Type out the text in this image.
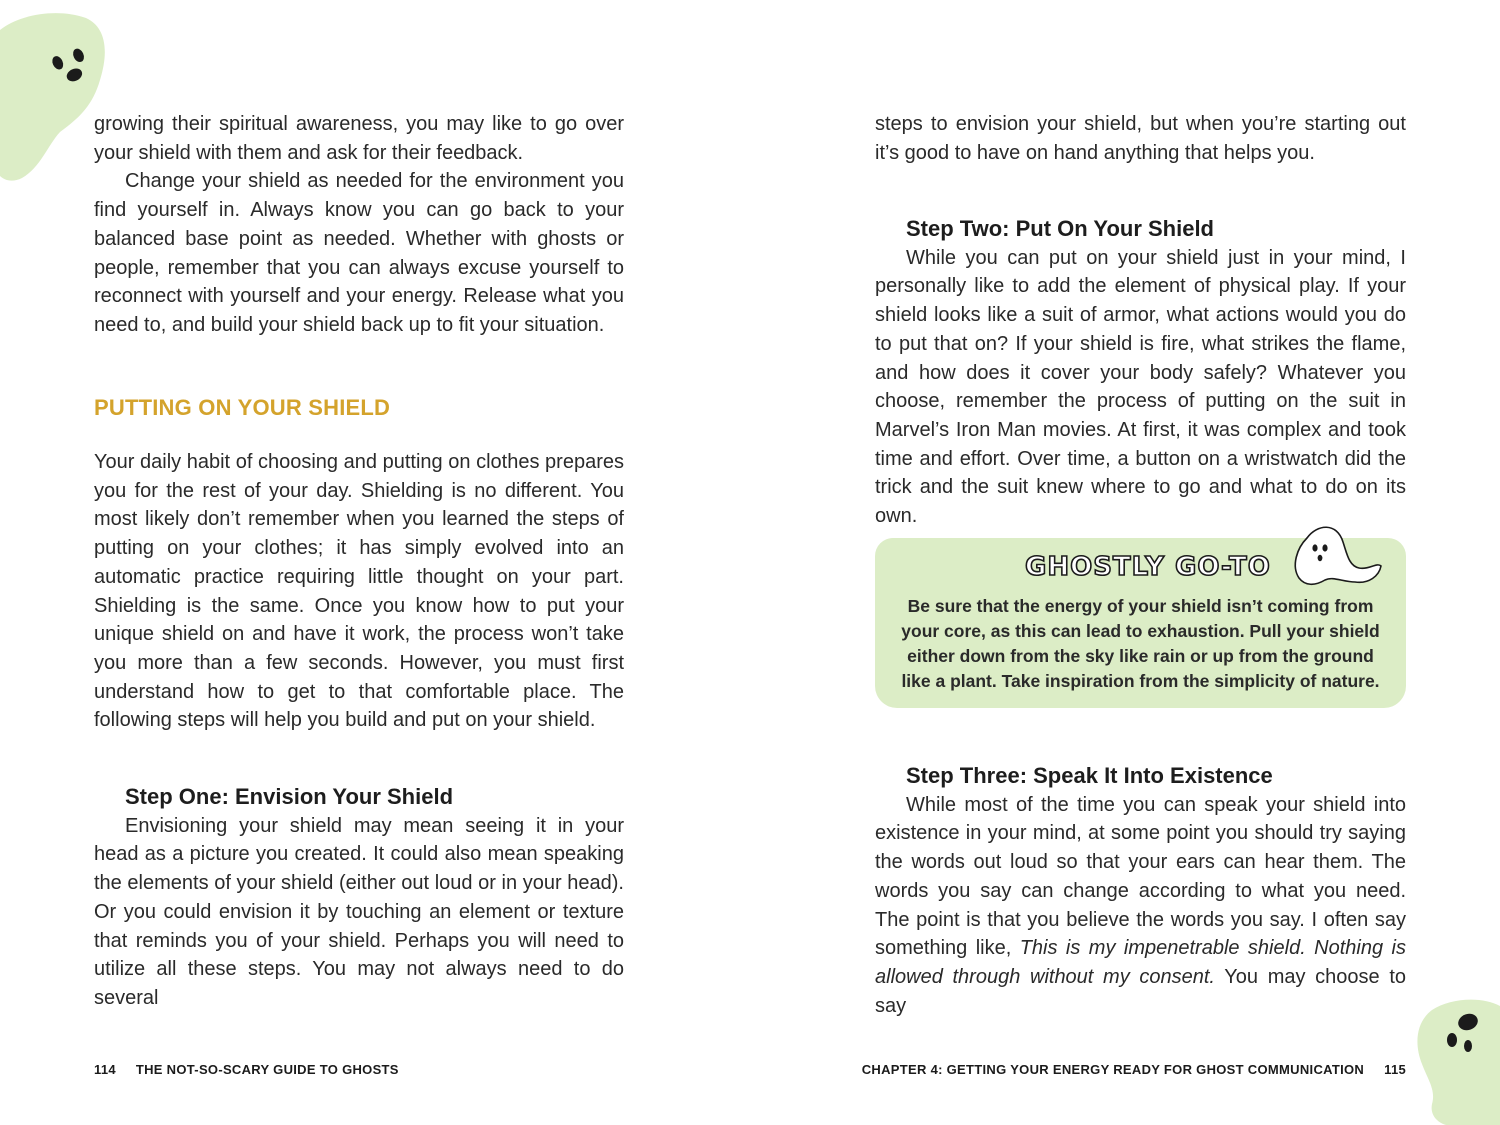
growing their spiritual awareness, you may like to go over your shield with them and ask for their feedback.

Change your shield as needed for the environment you find yourself in. Always know you can go back to your balanced base point as needed. Whether with ghosts or people, remember that you can always excuse yourself to reconnect with yourself and your energy. Release what you need to, and build your shield back up to fit your situation.

PUTTING ON YOUR SHIELD

Your daily habit of choosing and putting on clothes prepares you for the rest of your day. Shielding is no different. You most likely don’t remember when you learned the steps of putting on your clothes; it has simply evolved into an automatic practice requiring little thought on your part. Shielding is the same. Once you know how to put your unique shield on and have it work, the process won’t take you more than a few seconds. However, you must first understand how to get to that comfortable place. The following steps will help you build and put on your shield.

Step One: Envision Your Shield

Envisioning your shield may mean seeing it in your head as a picture you created. It could also mean speaking the elements of your shield (either out loud or in your head). Or you could envision it by touching an element or texture that reminds you of your shield. Perhaps you will need to utilize all these steps. You may not always need to do several

114 THE NOT-SO-SCARY GUIDE TO GHOSTS

steps to envision your shield, but when you’re starting out it’s good to have on hand anything that helps you.

Step Two: Put On Your Shield

While you can put on your shield just in your mind, I personally like to add the element of physical play. If your shield looks like a suit of armor, what actions would you do to put that on? If your shield is fire, what strikes the flame, and how does it cover your body safely? Whatever you choose, remember the process of putting on the suit in Marvel’s Iron Man movies. At first, it was complex and took time and effort. Over time, a button on a wristwatch did the trick and the suit knew where to go and what to do on its own.

GHOSTLY GO-TO
Be sure that the energy of your shield isn’t coming from your core, as this can lead to exhaustion. Pull your shield either down from the sky like rain or up from the ground like a plant. Take inspiration from the simplicity of nature.
Step Three: Speak It Into Existence

While most of the time you can speak your shield into existence in your mind, at some point you should try saying the words out loud so that your ears can hear them. The words you say can change according to what you need. The point is that you believe the words you say. I often say something like, This is my impenetrable shield. Nothing is allowed through without my consent. You may choose to say

CHAPTER 4: GETTING YOUR ENERGY READY FOR GHOST COMMUNICATION 115
